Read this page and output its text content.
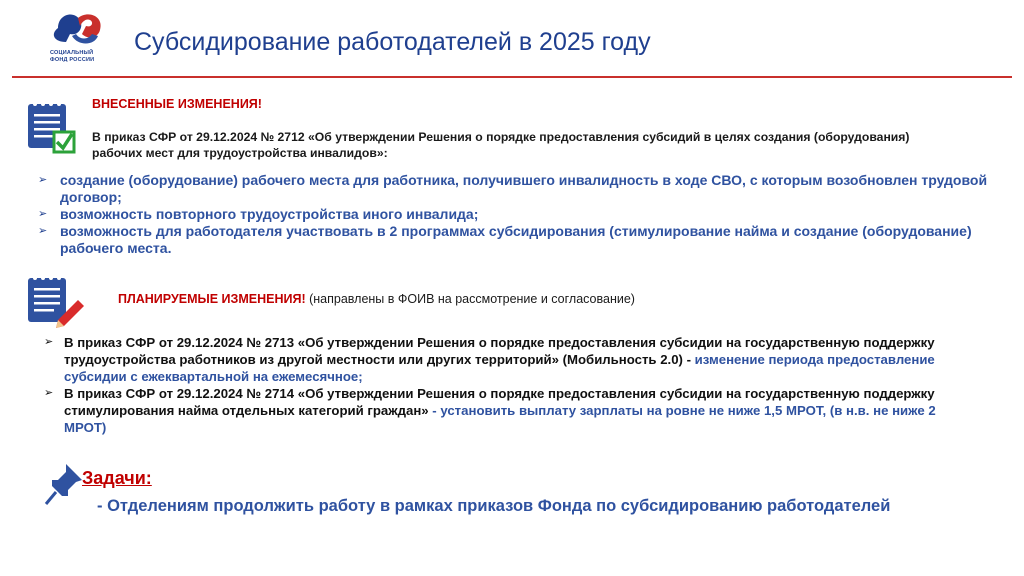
СОЦИАЛЬНЫЙ
ФОНД РОССИИ
Субсидирование работодателей в 2025 году
ВНЕСЕННЫЕ ИЗМЕНЕНИЯ!
В приказ СФР от 29.12.2024 № 2712 «Об утверждении Решения о порядке предоставления субсидий в целях создания (оборудования) рабочих мест для трудоустройства инвалидов»:
➢ создание (оборудование) рабочего места для работника, получившего инвалидность в ходе СВО, с которым возобновлен трудовой договор;
➢ возможность повторного трудоустройства иного инвалида;
➢ возможность для работодателя участвовать в 2 программах субсидирования (стимулирование найма и создание (оборудование) рабочего места.
ПЛАНИРУЕМЫЕ ИЗМЕНЕНИЯ! (направлены в ФОИВ на рассмотрение и согласование)
➢ В приказ СФР от 29.12.2024 № 2713 «Об утверждении Решения о порядке предоставления субсидии на государственную поддержку трудоустройства работников из другой местности или других территорий» (Мобильность 2.0) - изменение периода предоставление субсидии с ежеквартальной на ежемесячное;
➢ В приказ СФР от 29.12.2024 № 2714 «Об утверждении Решения о порядке предоставления субсидии на государственную поддержку стимулирования найма отдельных категорий граждан» - установить выплату зарплаты на ровне не ниже 1,5 МРОТ, (в н.в. не ниже 2 МРОТ)
Задачи:
- Отделениям продолжить работу в рамках приказов Фонда по субсидированию работодателей
